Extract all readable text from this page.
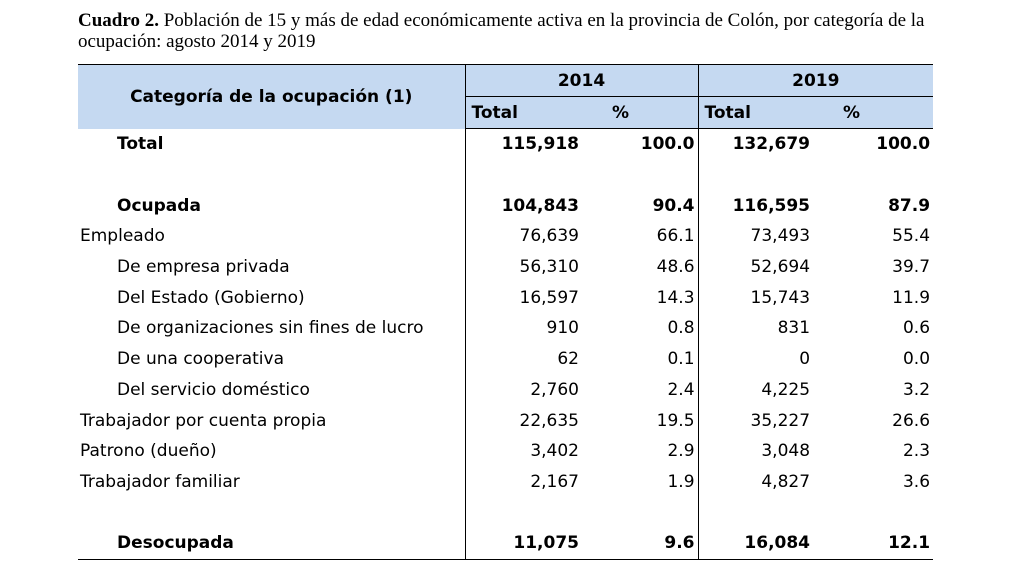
Cuadro 2. Población de 15 y más de edad económicamente activa en la provincia de Colón, por categoría de la ocupación: agosto 2014 y 2019
Categoría de la ocupación (1)	2014		2019	
	Total	%	Total	%
Total	115,918	100.0	132,679	100.0

Ocupada	104,843	90.4	116,595	87.9
Empleado	76,639	66.1	73,493	55.4
De empresa privada	56,310	48.6	52,694	39.7
Del Estado (Gobierno)	16,597	14.3	15,743	11.9
De organizaciones sin fines de lucro	910	0.8	831	0.6
De una cooperativa	62	0.1	0	0.0
Del servicio doméstico	2,760	2.4	4,225	3.2
Trabajador por cuenta propia	22,635	19.5	35,227	26.6
Patrono (dueño)	3,402	2.9	3,048	2.3
Trabajador familiar	2,167	1.9	4,827	3.6

Desocupada	11,075	9.6	16,084	12.1
